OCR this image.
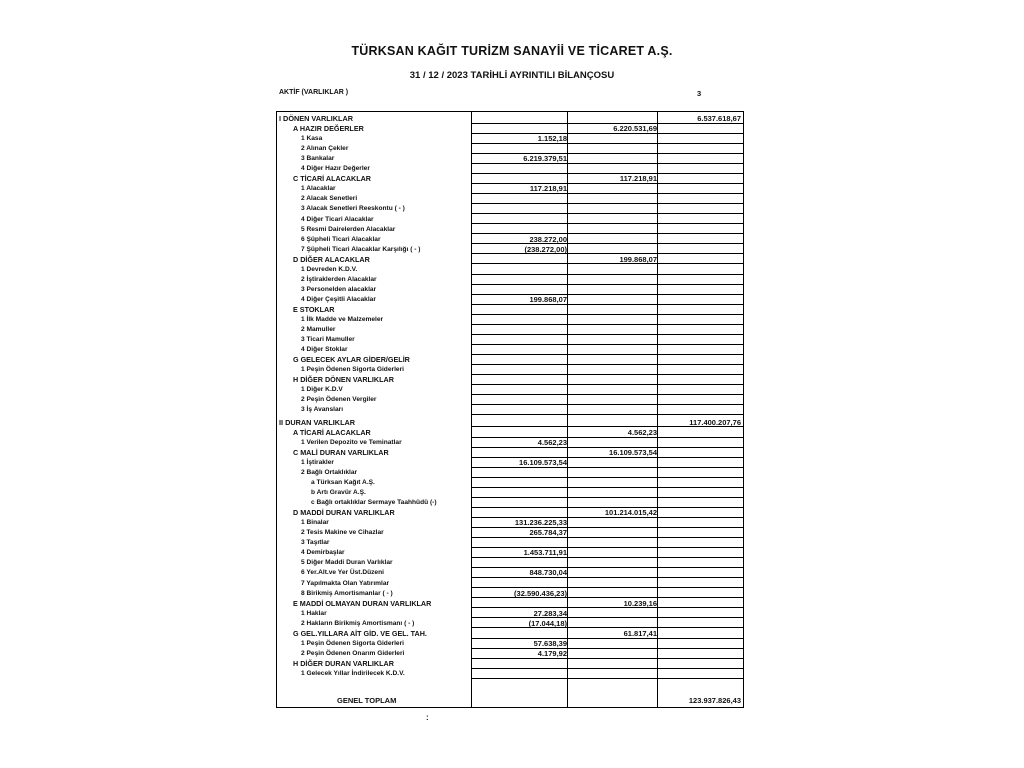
TÜRKSAN KAĞIT TURİZM SANAYİİ VE TİCARET A.Ş.
31 / 12 / 2023 TARİHLİ AYRINTILI BİLANÇOSU
AKTİF (VARLIKLAR )	3
I DÖNEN VARLIKLAR	6.537.618,67
A HAZIR DEĞERLER	6.220.531,69
1 Kasa	1.152,18
2 Alınan Çekler
3 Bankalar	6.219.379,51
4 Diğer Hazır Değerler
C TİCARİ ALACAKLAR	117.218,91
1 Alacaklar	117.218,91
2 Alacak Senetleri
3 Alacak Senetleri Reeskontu ( - )
4 Diğer Ticari Alacaklar
5 Resmi Dairelerden Alacaklar
6 Şüpheli Ticari Alacaklar	238.272,00
7 Şüpheli Ticari Alacaklar Karşılığı ( - )	(238.272,00)
D DİĞER ALACAKLAR	199.868,07
1 Devreden K.D.V.
2 İştiraklerden Alacaklar
3 Personelden alacaklar
4 Diğer Çeşitli Alacaklar	199.868,07
E STOKLAR
1 İlk Madde ve Malzemeler
2 Mamuller
3 Ticari Mamuller
4 Diğer Stoklar
G GELECEK AYLAR GİDER/GELİR
1 Peşin Ödenen Sigorta Giderleri
H DİĞER DÖNEN VARLIKLAR
1 Diğer K.D.V
2 Peşin Ödenen Vergiler
3 İş Avansları
II DURAN VARLIKLAR	117.400.207,76
A TİCARİ ALACAKLAR	4.562,23
1 Verilen Depozito ve Teminatlar	4.562,23
C MALİ DURAN VARLIKLAR	16.109.573,54
1 İştirakler	16.109.573,54
2 Bağlı Ortaklıklar
a Türksan Kağıt A.Ş.
b Artı Gravür A.Ş.
c Bağlı ortaklıklar Sermaye Taahhüdü (-)
D MADDİ DURAN VARLIKLAR	101.214.015,42
1 Binalar	131.236.225,33
2 Tesis Makine ve Cihazlar	265.784,37
3 Taşıtlar
4 Demirbaşlar	1.453.711,91
5 Diğer Maddi Duran Varlıklar
6 Yer.Alt.ve Yer Üst.Düzeni	848.730,04
7 Yapılmakta Olan Yatırımlar
8 Birikmiş Amortismanlar ( - )	(32.590.436,23)
E MADDİ OLMAYAN DURAN VARLIKLAR	10.239,16
1 Haklar	27.283,34
2 Hakların Birikmiş Amortismanı ( - )	(17.044,18)
G GEL.YILLARA AİT GİD. VE GEL. TAH.	61.817,41
1 Peşin Ödenen Sigorta Giderleri	57.638,39
2 Peşin Ödenen Onarım Giderleri	4.179,92
H DİĞER DURAN VARLIKLAR
1 Gelecek Yıllar İndirilecek K.D.V.
GENEL TOPLAM	123.937.826,43
:
